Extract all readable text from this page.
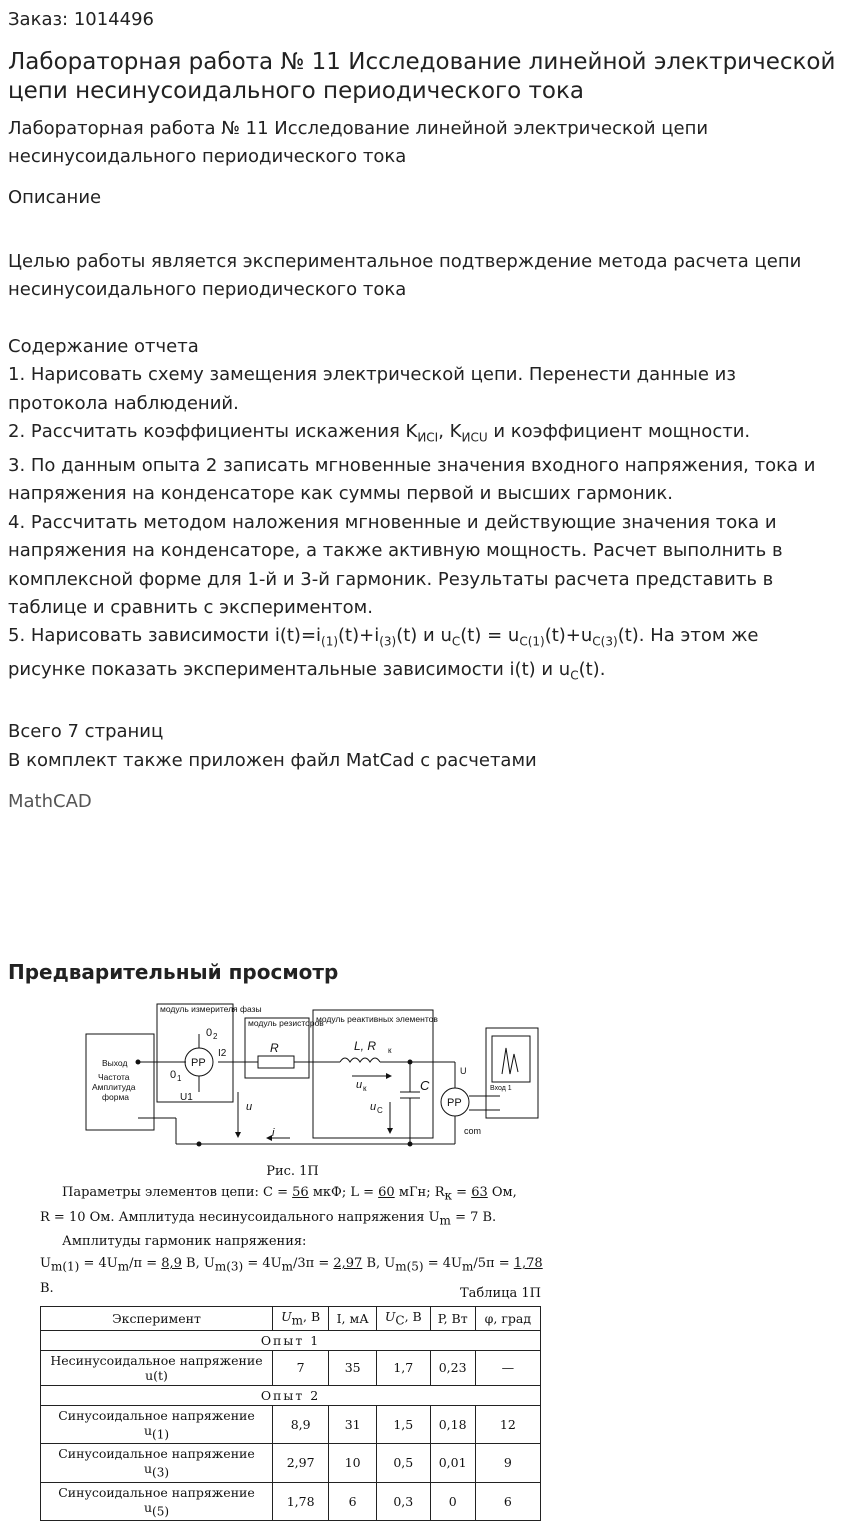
Заказ: 1014496
Лабораторная работа № 11 Исследование линейной электрической цепи несинусоидального периодического тока
Лабораторная работа № 11 Исследование линейной электрической цепи несинусоидального периодического тока
Описание

Целью работы является экспериментальное подтверждение метода расчета цепи несинусоидального периодического тока

Содержание отчета

1. Нарисовать схему замещения электрической цепи. Перенести данные из протокола наблюдений.

2. Рассчитать коэффициенты искажения $K_{ИСI}$, $K_{ИСU}$ и коэффициент мощности.

3. По данным опыта 2 записать мгновенные значения входного напряжения, тока и напряжения на конденсаторе как суммы первой и высших гармоник.

4. Рассчитать методом наложения мгновенные и действующие значения тока и напряжения на конденсаторе, а также активную мощность. Расчет выполнить в комплексной форме для 1-й и 3-й гармоник. Результаты расчета представить в таблице и сравнить с экспериментом.

5. Нарисовать зависимости $i(t)=i_{(1)}(t)+i_{(3)}(t)$ и $u_C(t) = u_{C(1)}(t)+u_{C(3)}(t)$. На этом же рисунке показать экспериментальные зависимости i(t) и $u_C(t)$.

Всего 7 страниц

В комплект также приложен файл MatCad с расчетами

MathCAD
Предварительный просмотр
модуль измерителя фазы
модуль резисторов
модуль реактивных элементов
Выход
Частота
Амплитуда
форма
PP
PP
0 2
0 1
I2
U1
R	L, R к
C
u к
u C
u
i
U
com
Вход 1
Рис. 1П
Параметры элементов цепи: C = 56 мкФ; L = 60 мГн; $R_к = 63$ Ом,
R = 10 Ом. Амплитуда несинусоидального напряжения $U_m = 7$ В.
Амплитуды гармоник напряжения:
$U_{m(1)} = 4U_m/\pi = 8,9$ В, $U_{m(3)} = 4U_m/3\pi = 2,97$ В, $U_{m(5)} = 4U_m/5\pi = 1,78$ В.	Таблица 1П
Эксперимент	$U_m$, В	I, мА	$U_C$, В	P, Вт	φ, град
Опыт 1					
Несинусоидальное напряжение u(t)	7	35	1,7	0,23	—
Опыт 2					
Синусоидальное напряжение $u_{(1)}$	8,9	31	1,5	0,18	12
Синусоидальное напряжение $u_{(3)}$	2,97	10	0,5	0,01	9
Синусоидальное напряжение $u_{(5)}$	1,78	6	0,3	0	6
